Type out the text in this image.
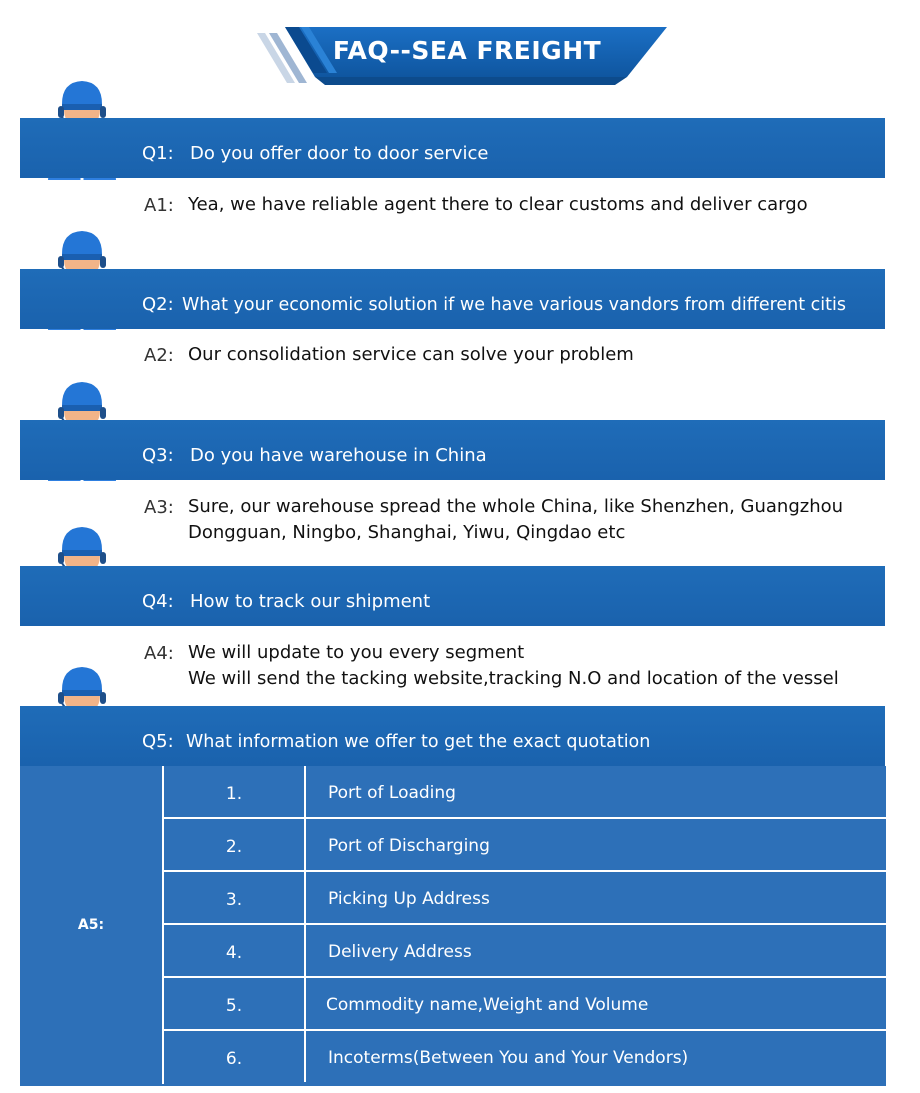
FAQ--SEA FREIGHT
Q1: Do you offer door to door service
A1: Yea, we have reliable agent there to clear customs and deliver cargo
Q2: What your economic solution if we have various vandors from different citis
A2: Our consolidation service can solve your problem
Q3: Do you have warehouse in China
A3: Sure, our warehouse spread the whole China, like Shenzhen, Guangzhou
Dongguan, Ningbo, Shanghai, Yiwu, Qingdao etc
Q4: How to track our shipment
A4: We will update to you every segment
We will send the tacking website,tracking N.O and location of the vessel
Q5: What information we offer to get the exact quotation
A5:
1.	Port of Loading
2.	Port of Discharging
3.	Picking Up Address
4.	Delivery Address
5.	Commodity name,Weight and Volume
6.	Incoterms(Between You and Your Vendors)
